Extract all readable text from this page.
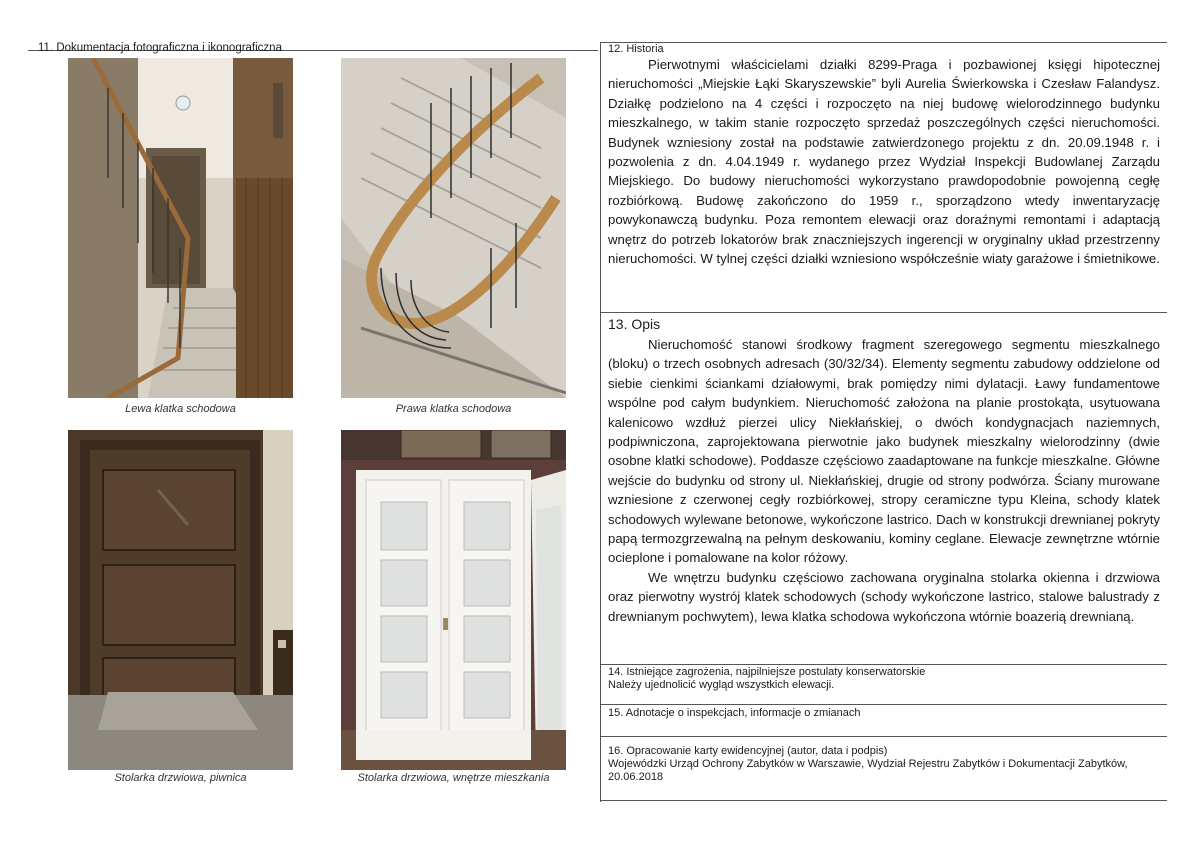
11. Dokumentacja fotograficzna i ikonograficzna
Lewa klatka schodowa	Prawa klatka schodowa
Stolarka drzwiowa, piwnica	Stolarka drzwiowa, wnętrze mieszkania
12. Historia

Pierwotnymi właścicielami działki 8299-Praga i pozbawionej księgi hipotecznej nieruchomości „Miejskie Łąki Skaryszewskie” byli Aurelia Świerkowska i Czesław Falandysz. Działkę podzielono na 4 części i rozpoczęto na niej budowę wielorodzinnego budynku mieszkalnego, w takim stanie rozpoczęto sprzedaż poszczególnych części nieruchomości. Budynek wzniesiony został na podstawie zatwierdzonego projektu z dn. 20.09.1948 r. i pozwolenia z dn. 4.04.1949 r. wydanego przez Wydział Inspekcji Budowlanej Zarządu Miejskiego. Do budowy nieruchomości wykorzystano prawdopodobnie powojenną cegłę rozbiórkową. Budowę zakończono do 1959 r., sporządzono wtedy inwentaryzację powykonawczą budynku. Poza remontem elewacji oraz doraźnymi remontami i adaptacją wnętrz do potrzeb lokatorów brak znaczniejszych ingerencji w oryginalny układ przestrzenny nieruchomości. W tylnej części działki wzniesiono współcześnie wiaty garażowe i śmietnikowe.

13. Opis

Nieruchomość stanowi środkowy fragment szeregowego segmentu mieszkalnego (bloku) o trzech osobnych adresach (30/32/34). Elementy segmentu zabudowy oddzielone od siebie cienkimi ściankami działowymi, brak pomiędzy nimi dylatacji. Ławy fundamentowe wspólne pod całym budynkiem. Nieruchomość założona na planie prostokąta, usytuowana kalenicowo wzdłuż pierzei ulicy Niekłańskiej, o dwóch kondygnacjach naziemnych, podpiwniczona, zaprojektowana pierwotnie jako budynek mieszkalny wielorodzinny (dwie osobne klatki schodowe). Poddasze częściowo zaadaptowane na funkcje mieszkalne. Główne wejście do budynku od strony ul. Niekłańskiej, drugie od strony podwórza. Ściany murowane wzniesione z czerwonej cegły rozbiórkowej, stropy ceramiczne typu Kleina, schody klatek schodowych wylewane betonowe, wykończone lastrico. Dach w konstrukcji drewnianej pokryty papą termozgrzewalną na pełnym deskowaniu, kominy ceglane. Elewacje zewnętrzne wtórnie ocieplone i pomalowane na kolor różowy.

We wnętrzu budynku częściowo zachowana oryginalna stolarka okienna i drzwiowa oraz pierwotny wystrój klatek schodowych (schody wykończone lastrico, stalowe balustrady z drewnianym pochwytem), lewa klatka schodowa wykończona wtórnie boazerią drewnianą.

14. Istniejące zagrożenia, najpilniejsze postulaty konserwatorskie
Należy ujednolicić wygląd wszystkich elewacji.
15. Adnotacje o inspekcjach, informacje o zmianach
16. Opracowanie karty ewidencyjnej (autor, data i podpis)
Wojewódzki Urząd Ochrony Zabytków w Warszawie, Wydział Rejestru Zabytków i Dokumentacji Zabytków,
20.06.2018
